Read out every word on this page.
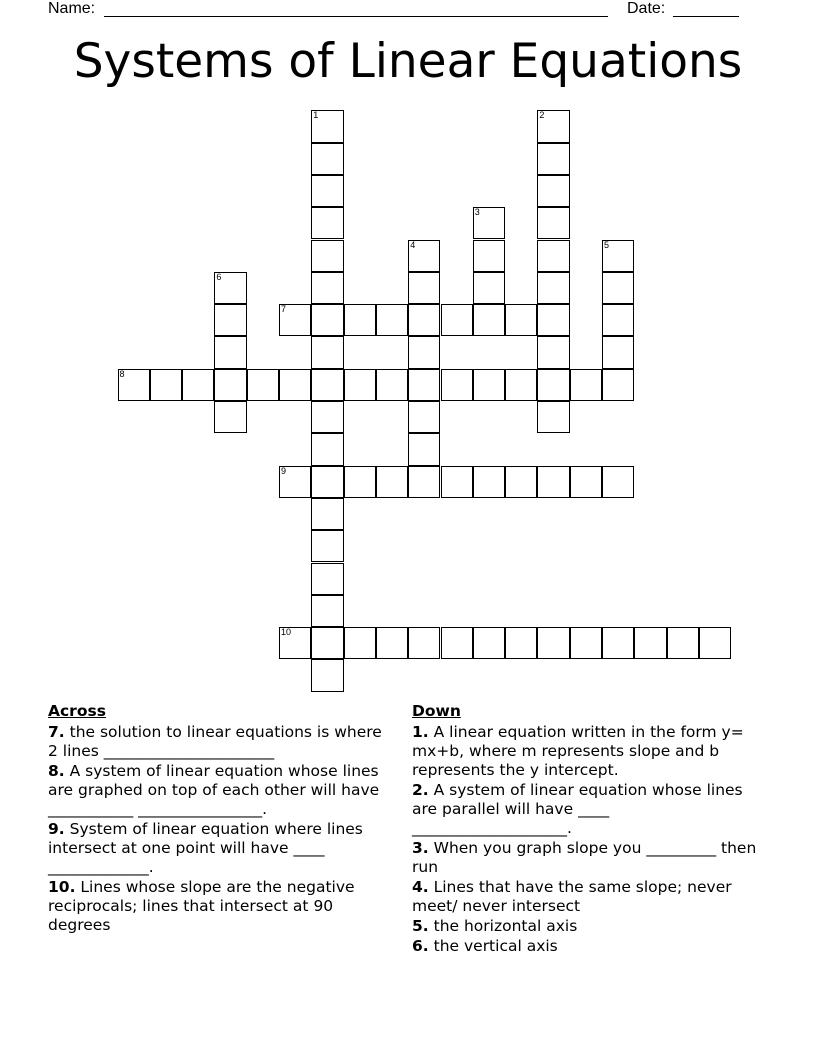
Name:	Date:
Systems of Linear Equations
1	2
3
4	5
6
7
8
9
10
Across
7. the solution to linear equations is where 2 lines ______________________
8. A system of linear equation whose lines are graphed on top of each other will have ___________ ________________.
9. System of linear equation where lines intersect at one point will have ____ _____________.
10. Lines whose slope are the negative reciprocals; lines that intersect at 90 degrees
Down
1. A linear equation written in the form y= mx+b, where m represents slope and b represents the y intercept.
2. A system of linear equation whose lines are parallel will have ____ ____________________.
3. When you graph slope you _________ then run
4. Lines that have the same slope; never meet/ never intersect
5. the horizontal axis
6. the vertical axis
